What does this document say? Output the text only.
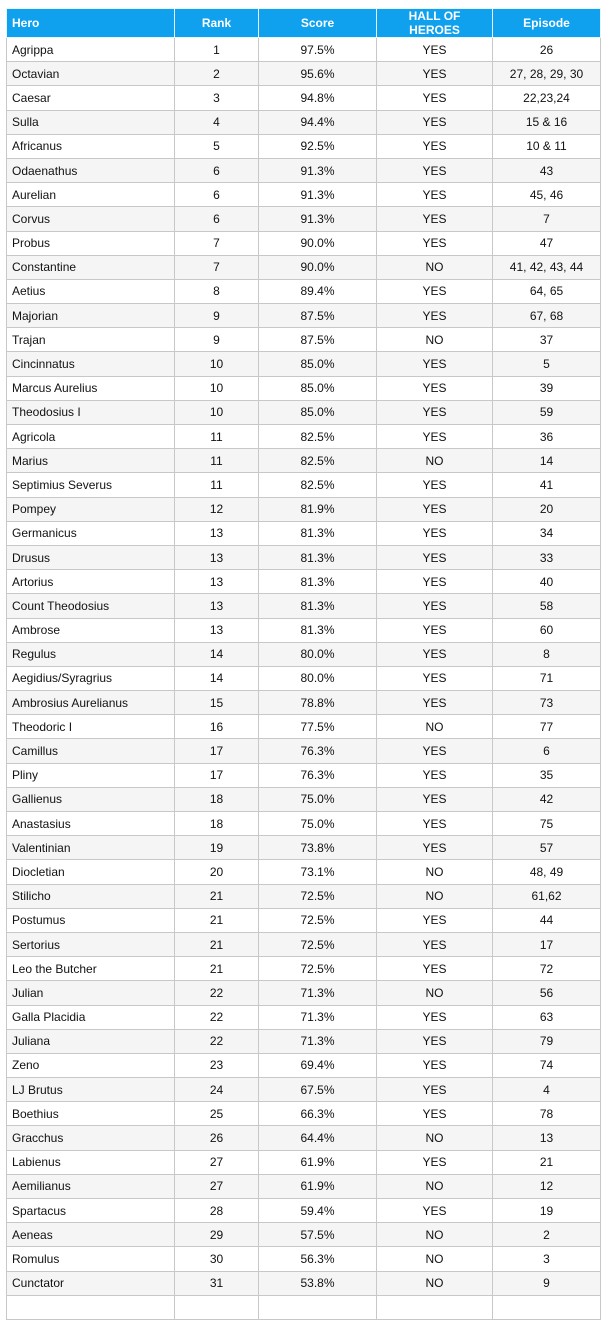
Hero	Rank	Score	HALL OF HEROES	Episode
Agrippa	1	97.5%	YES	26
Octavian	2	95.6%	YES	27, 28, 29, 30
Caesar	3	94.8%	YES	22,23,24
Sulla	4	94.4%	YES	15 & 16
Africanus	5	92.5%	YES	10 & 11
Odaenathus	6	91.3%	YES	43
Aurelian	6	91.3%	YES	45, 46
Corvus	6	91.3%	YES	7
Probus	7	90.0%	YES	47
Constantine	7	90.0%	NO	41, 42, 43, 44
Aetius	8	89.4%	YES	64, 65
Majorian	9	87.5%	YES	67, 68
Trajan	9	87.5%	NO	37
Cincinnatus	10	85.0%	YES	5
Marcus Aurelius	10	85.0%	YES	39
Theodosius I	10	85.0%	YES	59
Agricola	11	82.5%	YES	36
Marius	11	82.5%	NO	14
Septimius Severus	11	82.5%	YES	41
Pompey	12	81.9%	YES	20
Germanicus	13	81.3%	YES	34
Drusus	13	81.3%	YES	33
Artorius	13	81.3%	YES	40
Count Theodosius	13	81.3%	YES	58
Ambrose	13	81.3%	YES	60
Regulus	14	80.0%	YES	8
Aegidius/Syragrius	14	80.0%	YES	71
Ambrosius Aurelianus	15	78.8%	YES	73
Theodoric I	16	77.5%	NO	77
Camillus	17	76.3%	YES	6
Pliny	17	76.3%	YES	35
Gallienus	18	75.0%	YES	42
Anastasius	18	75.0%	YES	75
Valentinian	19	73.8%	YES	57
Diocletian	20	73.1%	NO	48, 49
Stilicho	21	72.5%	NO	61,62
Postumus	21	72.5%	YES	44
Sertorius	21	72.5%	YES	17
Leo the Butcher	21	72.5%	YES	72
Julian	22	71.3%	NO	56
Galla Placidia	22	71.3%	YES	63
Juliana	22	71.3%	YES	79
Zeno	23	69.4%	YES	74
LJ Brutus	24	67.5%	YES	4
Boethius	25	66.3%	YES	78
Gracchus	26	64.4%	NO	13
Labienus	27	61.9%	YES	21
Aemilianus	27	61.9%	NO	12
Spartacus	28	59.4%	YES	19
Aeneas	29	57.5%	NO	2
Romulus	30	56.3%	NO	3
Cunctator	31	53.8%	NO	9
